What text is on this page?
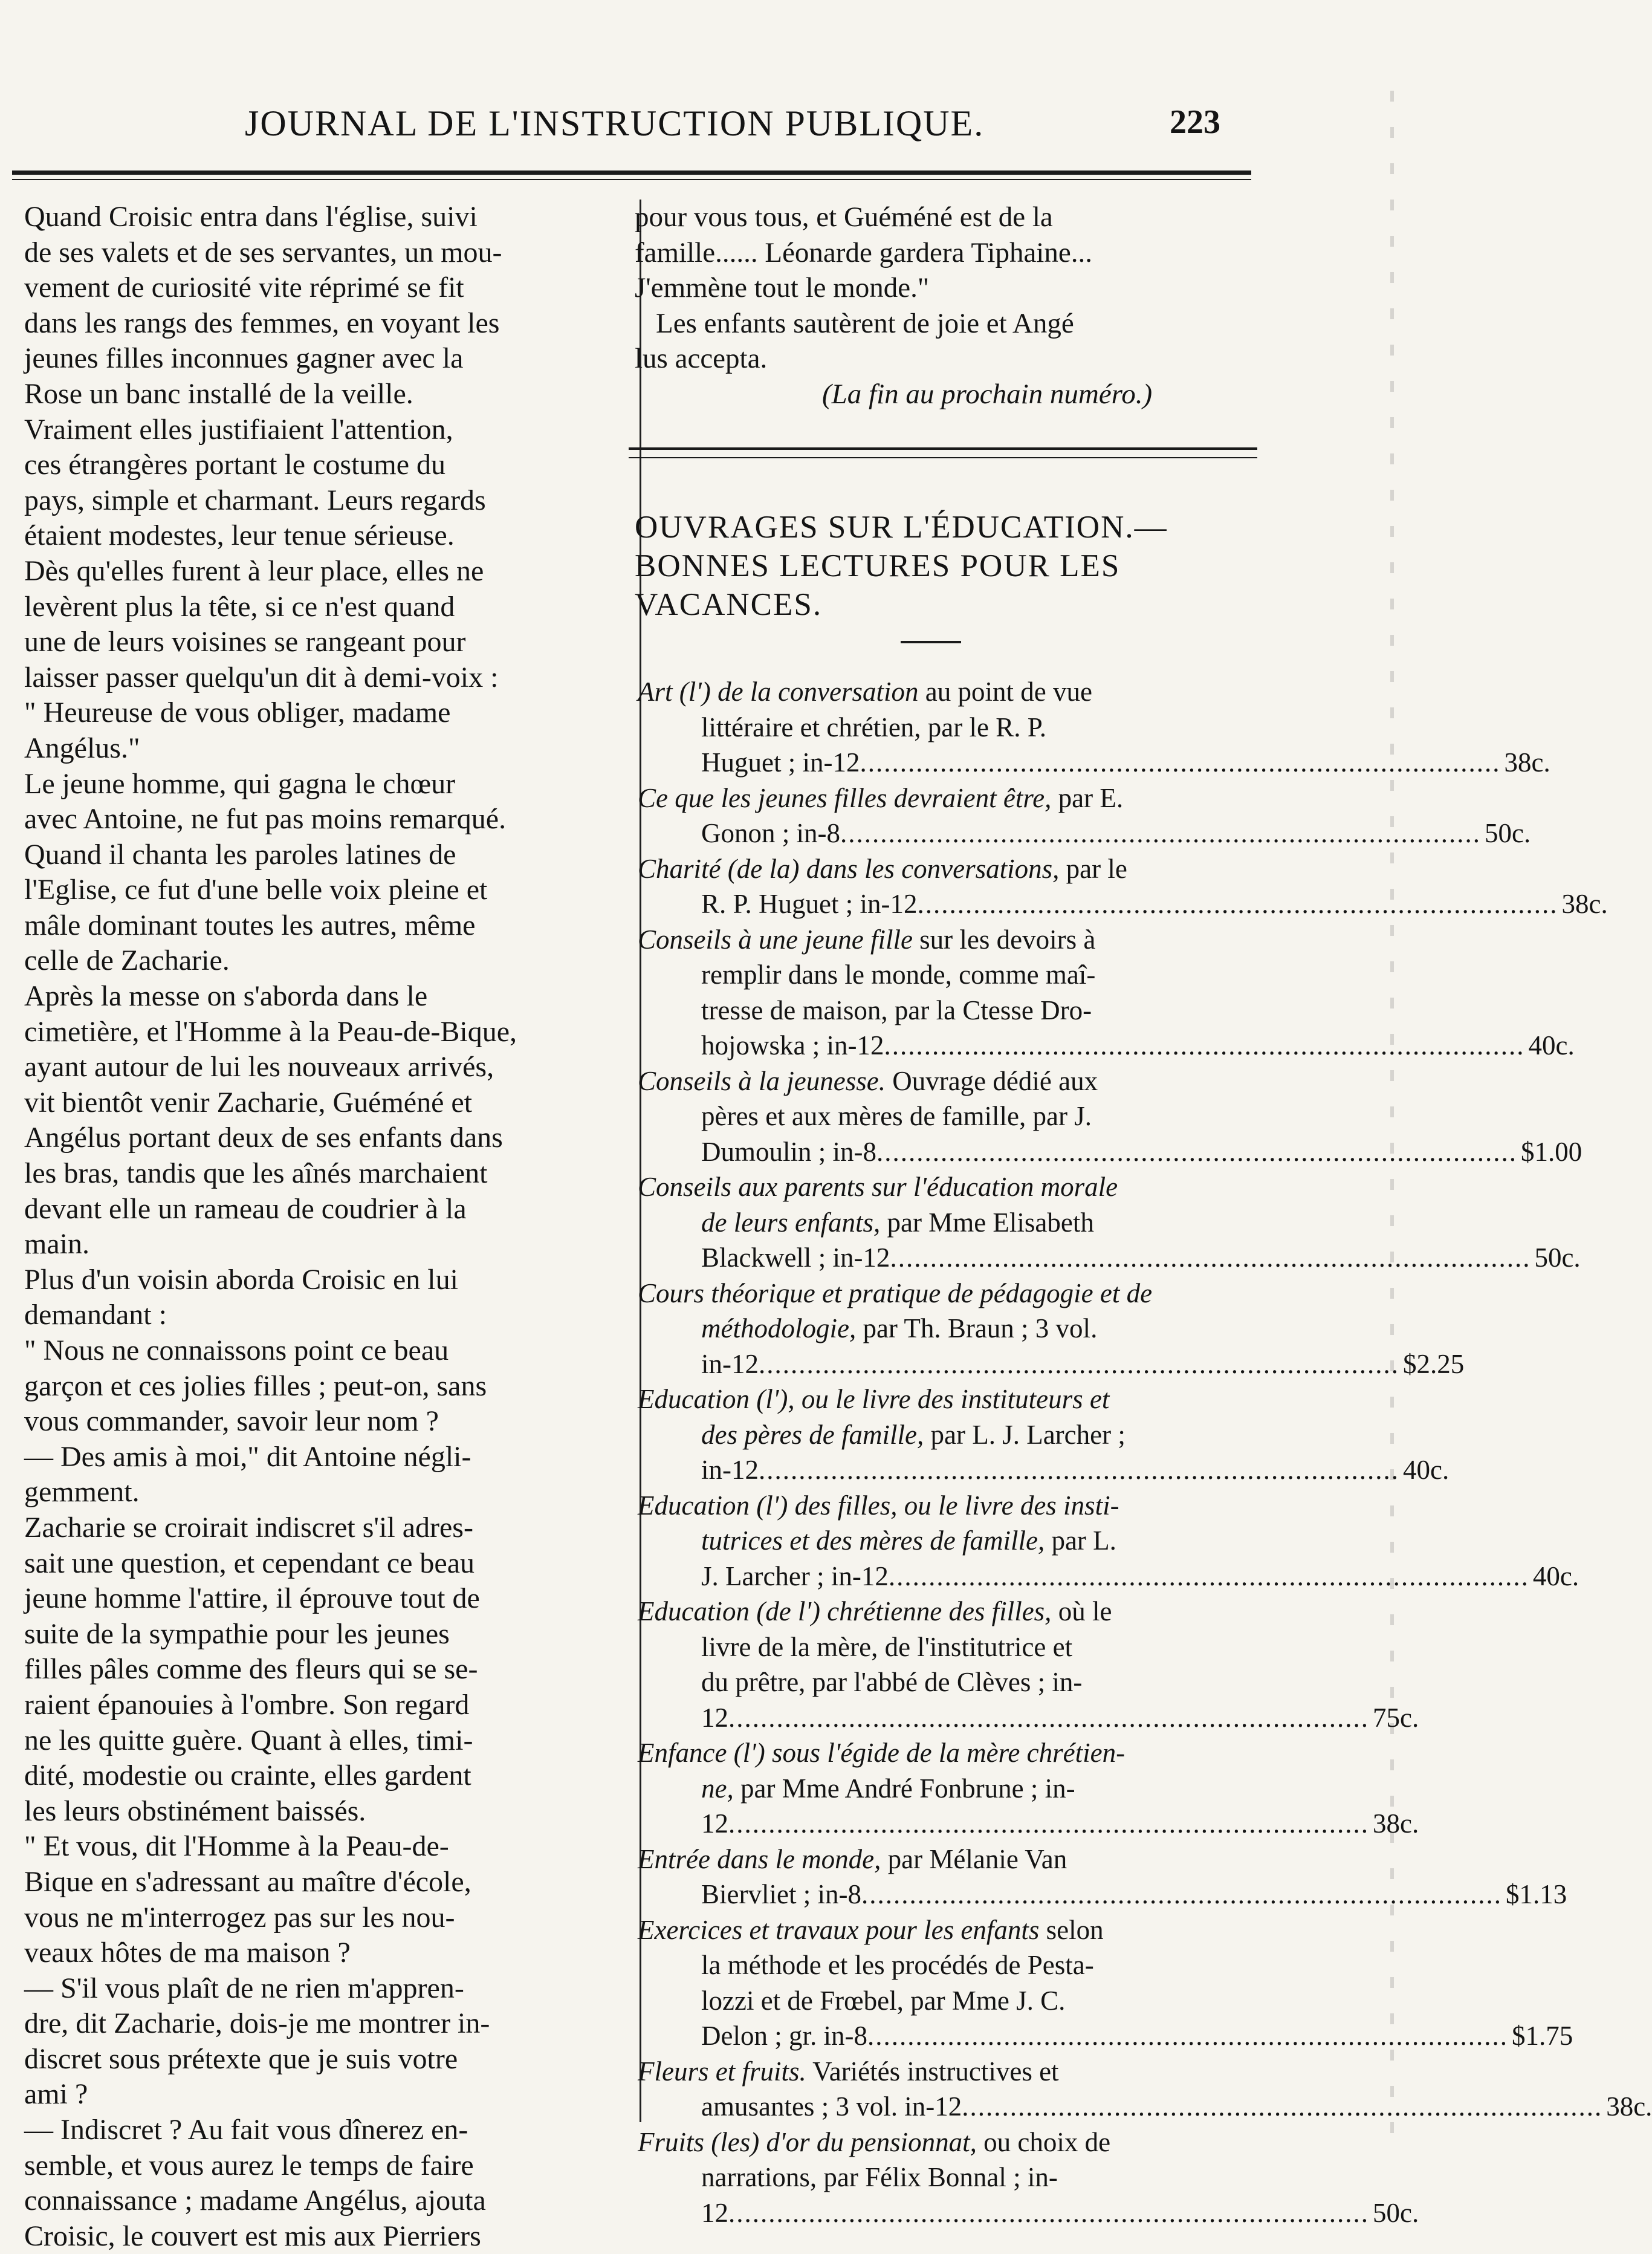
JOURNAL DE L'INSTRUCTION PUBLIQUE.	223
Quand Croisic entra dans l'église, suivi
de ses valets et de ses servantes, un mou-
vement de curiosité vite réprimé se fit
dans les rangs des femmes, en voyant les
jeunes filles inconnues gagner avec la
Rose un banc installé de la veille.
Vraiment elles justifiaient l'attention,
ces étrangères portant le costume du
pays, simple et charmant. Leurs regards
étaient modestes, leur tenue sérieuse.
Dès qu'elles furent à leur place, elles ne
levèrent plus la tête, si ce n'est quand
une de leurs voisines se rangeant pour
laisser passer quelqu'un dit à demi-voix :
" Heureuse de vous obliger, madame
Angélus."
Le jeune homme, qui gagna le chœur
avec Antoine, ne fut pas moins remarqué.
Quand il chanta les paroles latines de
l'Eglise, ce fut d'une belle voix pleine et
mâle dominant toutes les autres, même
celle de Zacharie.
Après la messe on s'aborda dans le
cimetière, et l'Homme à la Peau-de-Bique,
ayant autour de lui les nouveaux arrivés,
vit bientôt venir Zacharie, Guéméné et
Angélus portant deux de ses enfants dans
les bras, tandis que les aînés marchaient
devant elle un rameau de coudrier à la
main.
Plus d'un voisin aborda Croisic en lui
demandant :
" Nous ne connaissons point ce beau
garçon et ces jolies filles ; peut-on, sans
vous commander, savoir leur nom ?
— Des amis à moi," dit Antoine négli-
gemment.
Zacharie se croirait indiscret s'il adres-
sait une question, et cependant ce beau
jeune homme l'attire, il éprouve tout de
suite de la sympathie pour les jeunes
filles pâles comme des fleurs qui se se-
raient épanouies à l'ombre. Son regard
ne les quitte guère. Quant à elles, timi-
dité, modestie ou crainte, elles gardent
les leurs obstinément baissés.
" Et vous, dit l'Homme à la Peau-de-
Bique en s'adressant au maître d'école,
vous ne m'interrogez pas sur les nou-
veaux hôtes de ma maison ?
— S'il vous plaît de ne rien m'appren-
dre, dit Zacharie, dois-je me montrer in-
discret sous prétexte que je suis votre
ami ?
— Indiscret ? Au fait vous dînerez en-
semble, et vous aurez le temps de faire
connaissance ; madame Angélus, ajouta
Croisic, le couvert est mis aux Pierriers
pour vous tous, et Guéméné est de la
famille...... Léonarde gardera Tiphaine...
J'emmène tout le monde."
Les enfants sautèrent de joie et Angé
lus accepta.
(La fin au prochain numéro.)
OUVRAGES SUR L'ÉDUCATION.—
BONNES LECTURES POUR LES
VACANCES.
Art (l') de la conversation au point de vue
littéraire et chrétien, par le R. P.
Huguet ; in-12................................................................................ 38c.
Ce que les jeunes filles devraient être, par E.
Gonon ; in-8................................................................................ 50c.
Charité (de la) dans les conversations, par le
R. P. Huguet ; in-12................................................................................ 38c.
Conseils à une jeune fille sur les devoirs à
remplir dans le monde, comme maî-
tresse de maison, par la Ctesse Dro-
hojowska ; in-12................................................................................ 40c.
Conseils à la jeunesse. Ouvrage dédié aux
pères et aux mères de famille, par J.
Dumoulin ; in-8................................................................................ $1.00
Conseils aux parents sur l'éducation morale
de leurs enfants, par Mme Elisabeth
Blackwell ; in-12................................................................................ 50c.
Cours théorique et pratique de pédagogie et de
méthodologie, par Th. Braun ; 3 vol.
in-12................................................................................ $2.25
Education (l'), ou le livre des instituteurs et
des pères de famille, par L. J. Larcher ;
in-12................................................................................ 40c.
Education (l') des filles, ou le livre des insti-
tutrices et des mères de famille, par L.
J. Larcher ; in-12................................................................................ 40c.
Education (de l') chrétienne des filles, où le
livre de la mère, de l'institutrice et
du prêtre, par l'abbé de Clèves ; in-
12................................................................................ 75c.
Enfance (l') sous l'égide de la mère chrétien-
ne, par Mme André Fonbrune ; in-
12................................................................................ 38c.
Entrée dans le monde, par Mélanie Van
Biervliet ; in-8................................................................................ $1.13
Exercices et travaux pour les enfants selon
la méthode et les procédés de Pesta-
lozzi et de Frœbel, par Mme J. C.
Delon ; gr. in-8................................................................................ $1.75
Fleurs et fruits. Variétés instructives et
amusantes ; 3 vol. in-12................................................................................ 38c.
Fruits (les) d'or du pensionnat, ou choix de
narrations, par Félix Bonnal ; in-
12................................................................................ 50c.
